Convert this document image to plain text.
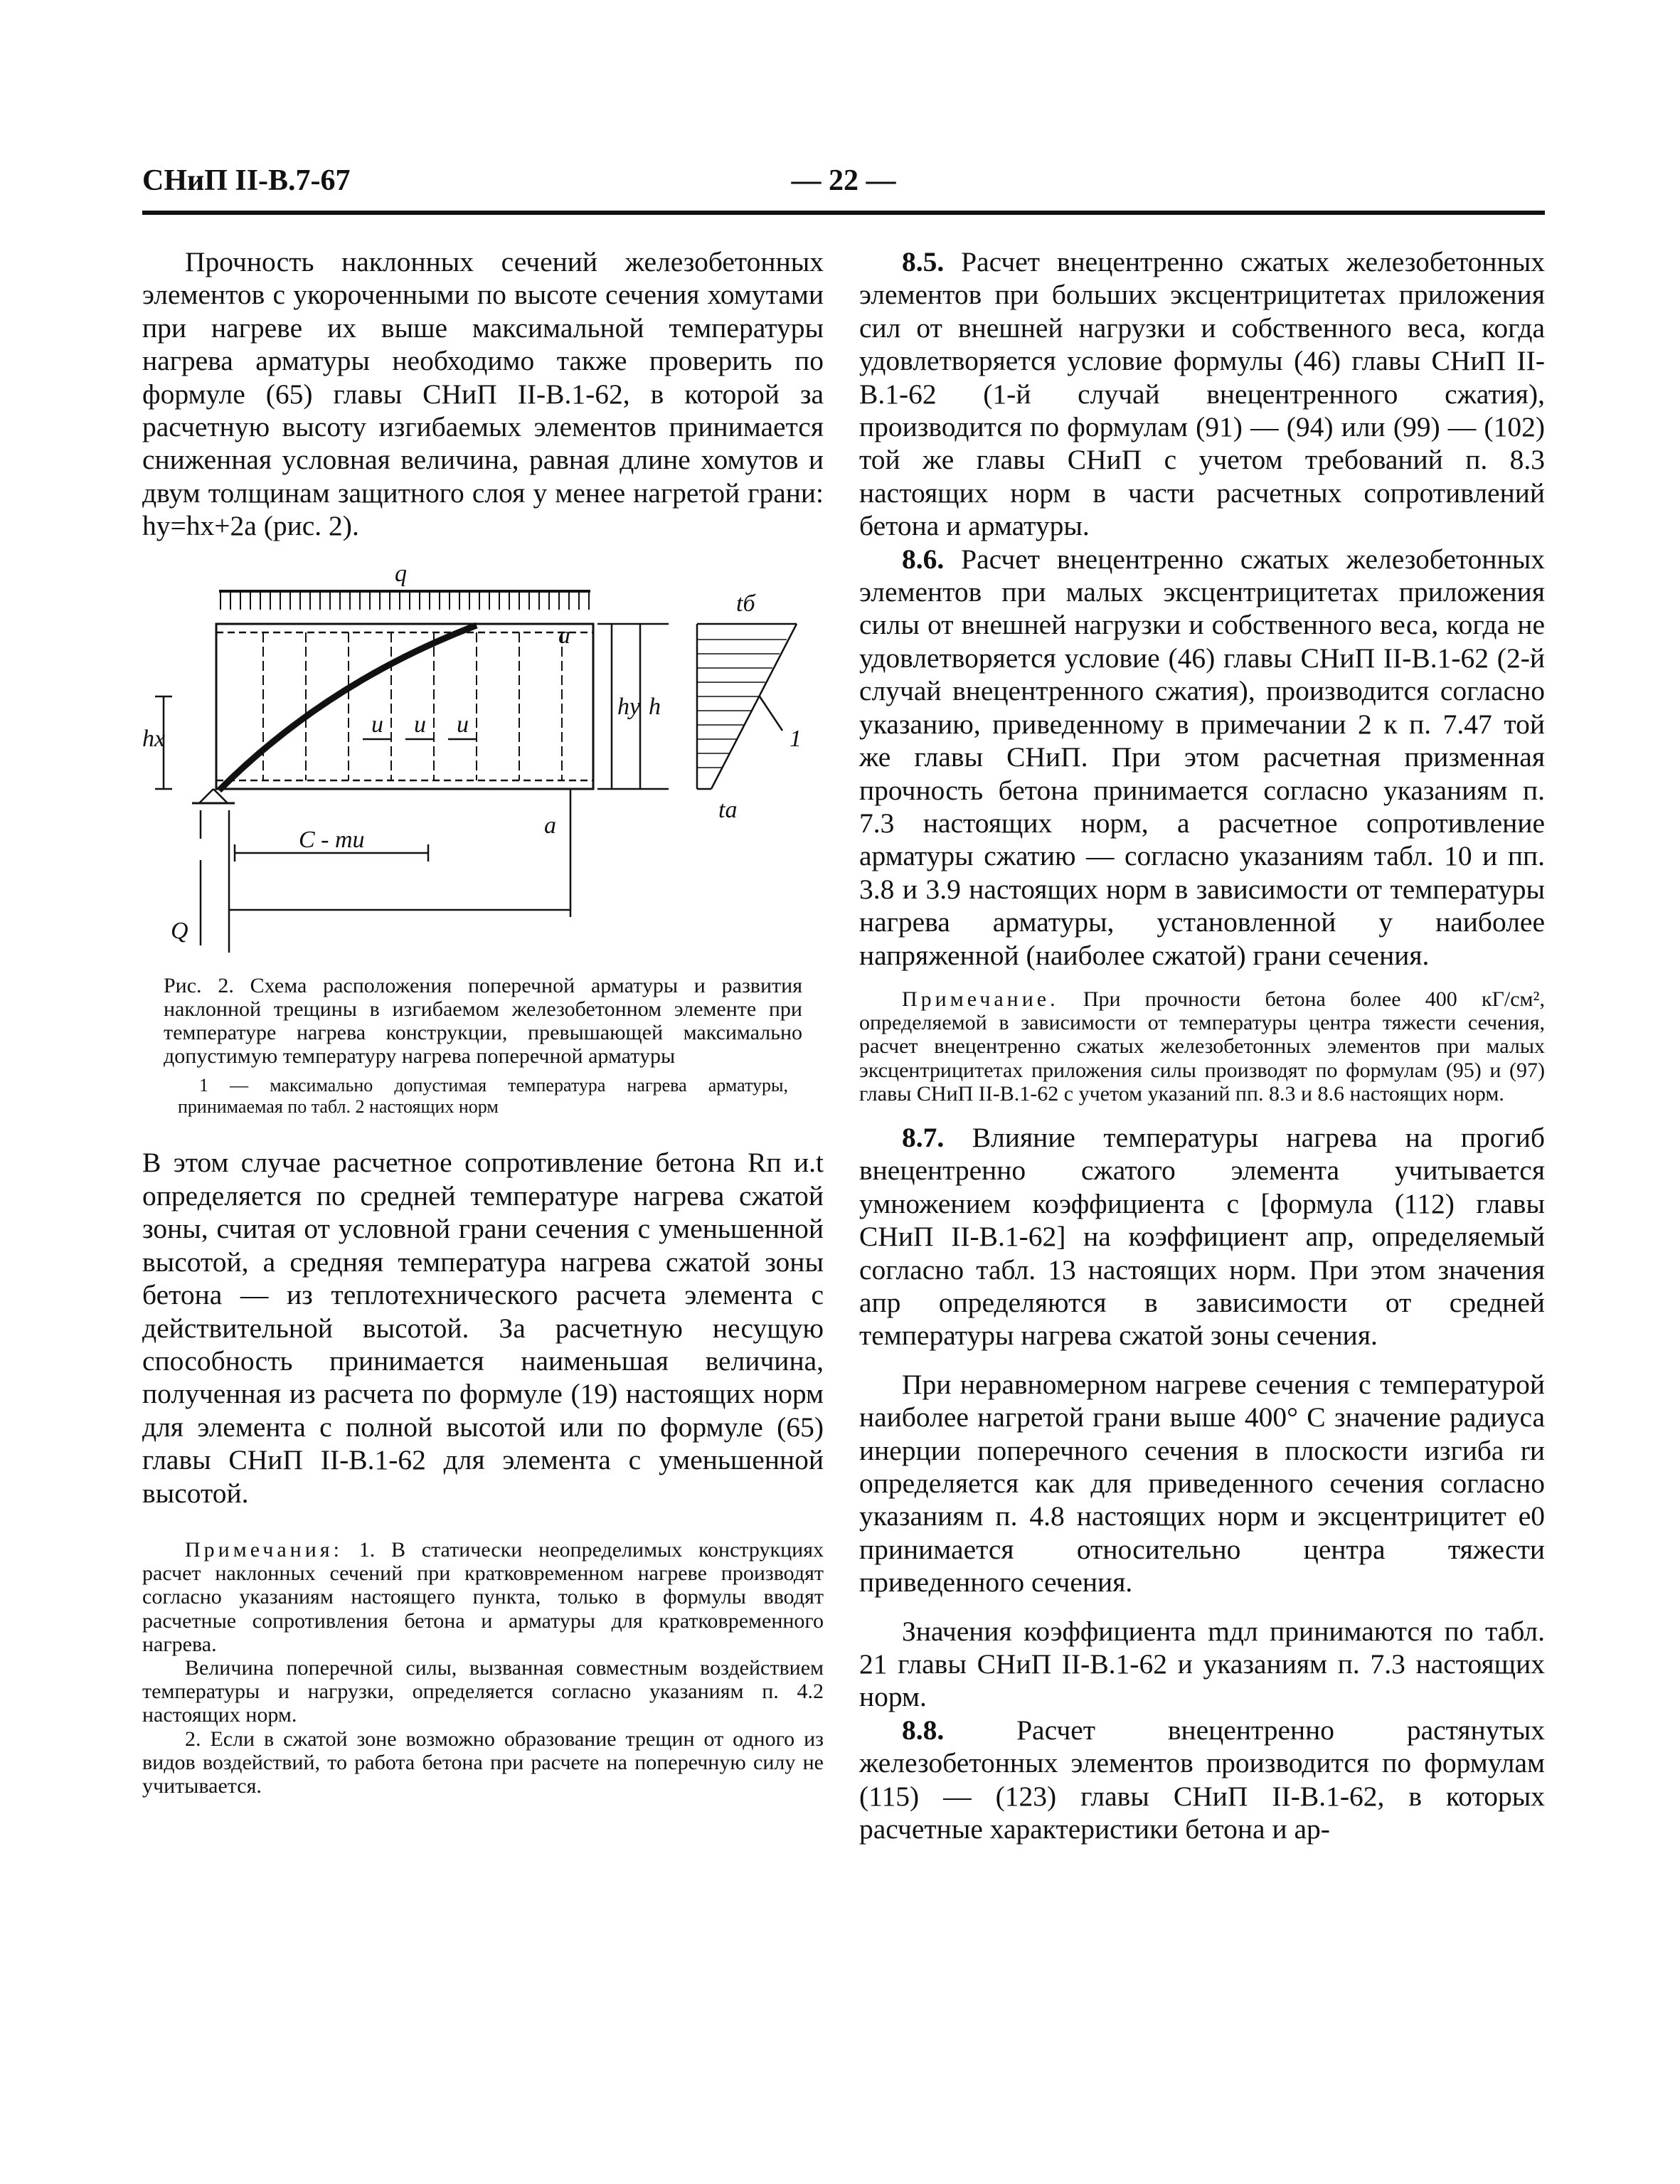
СНиП II-В.7-67	— 22 —

Прочность наклонных сечений железобетонных элементов с укороченными по высоте сечения хомутами при нагреве их выше максимальной температуры нагрева арматуры необходимо также проверить по формуле (65) главы СНиП II-В.1-62, в которой за расчетную высоту изгибаемых элементов принимается сниженная условная величина, равная длине хомутов и двум толщинам защитного слоя у менее нагретой грани: hу=hх+2a (рис. 2).

q
tб
tа
hx
hy h
u u u
a
a
C - mu
Q
1

Рис. 2. Схема расположения поперечной арматуры и развития наклонной трещины в изгибаемом железобетонном элементе при температуре нагрева конструкции, превышающей максимально допустимую температуру нагрева поперечной арматуры

1 — максимально допустимая температура нагрева арматуры, принимаемая по табл. 2 настоящих норм

В этом случае расчетное сопротивление бетона Rп и.t определяется по средней температуре нагрева сжатой зоны, считая от условной грани сечения с уменьшенной высотой, а средняя температура нагрева сжатой зоны бетона — из теплотехнического расчета элемента с действительной высотой. За расчетную несущую способность принимается наименьшая величина, полученная из расчета по формуле (19) настоящих норм для элемента с полной высотой или по формуле (65) главы СНиП II-В.1-62 для элемента с уменьшенной высотой.

Примечания: 1. В статически неопределимых конструкциях расчет наклонных сечений при кратковременном нагреве производят согласно указаниям настоящего пункта, только в формулы вводят расчетные сопротивления бетона и арматуры для кратковременного нагрева.

Величина поперечной силы, вызванная совместным воздействием температуры и нагрузки, определяется согласно указаниям п. 4.2 настоящих норм.

2. Если в сжатой зоне возможно образование трещин от одного из видов воздействий, то работа бетона при расчете на поперечную силу не учитывается.

8.5. Расчет внецентренно сжатых железобетонных элементов при больших эксцентрицитетах приложения сил от внешней нагрузки и собственного веса, когда удовлетворяется условие формулы (46) главы СНиП II-В.1-62 (1-й случай внецентренного сжатия), производится по формулам (91) — (94) или (99) — (102) той же главы СНиП с учетом требований п. 8.3 настоящих норм в части расчетных сопротивлений бетона и арматуры.

8.6. Расчет внецентренно сжатых железобетонных элементов при малых эксцентрицитетах приложения силы от внешней нагрузки и собственного веса, когда не удовлетворяется условие (46) главы СНиП II-В.1-62 (2-й случай внецентренного сжатия), производится согласно указанию, приведенному в примечании 2 к п. 7.47 той же главы СНиП. При этом расчетная призменная прочность бетона принимается согласно указаниям п. 7.3 настоящих норм, а расчетное сопротивление арматуры сжатию — согласно указаниям табл. 10 и пп. 3.8 и 3.9 настоящих норм в зависимости от температуры нагрева арматуры, установленной у наиболее напряженной (наиболее сжатой) грани сечения.

Примечание. При прочности бетона более 400 кГ/см², определяемой в зависимости от температуры центра тяжести сечения, расчет внецентренно сжатых железобетонных элементов при малых эксцентрицитетах приложения силы производят по формулам (95) и (97) главы СНиП II-В.1-62 с учетом указаний пп. 8.3 и 8.6 настоящих норм.

8.7. Влияние температуры нагрева на прогиб внецентренно сжатого элемента учитывается умножением коэффициента c [формула (112) главы СНиП II-В.1-62] на коэффициент aпр, определяемый согласно табл. 13 настоящих норм. При этом значения aпр определяются в зависимости от средней температуры нагрева сжатой зоны сечения.

При неравномерном нагреве сечения с температурой наиболее нагретой грани выше 400° С значение радиуса инерции поперечного сечения в плоскости изгиба rи определяется как для приведенного сечения согласно указаниям п. 4.8 настоящих норм и эксцентрицитет e0 принимается относительно центра тяжести приведенного сечения.

Значения коэффициента mдл принимаются по табл. 21 главы СНиП II-В.1-62 и указаниям п. 7.3 настоящих норм.

8.8.	Расчет внецентренно растянутых железобетонных элементов производится по формулам (115) — (123) главы СНиП II-В.1-62, в которых расчетные характеристики бетона и ар-
